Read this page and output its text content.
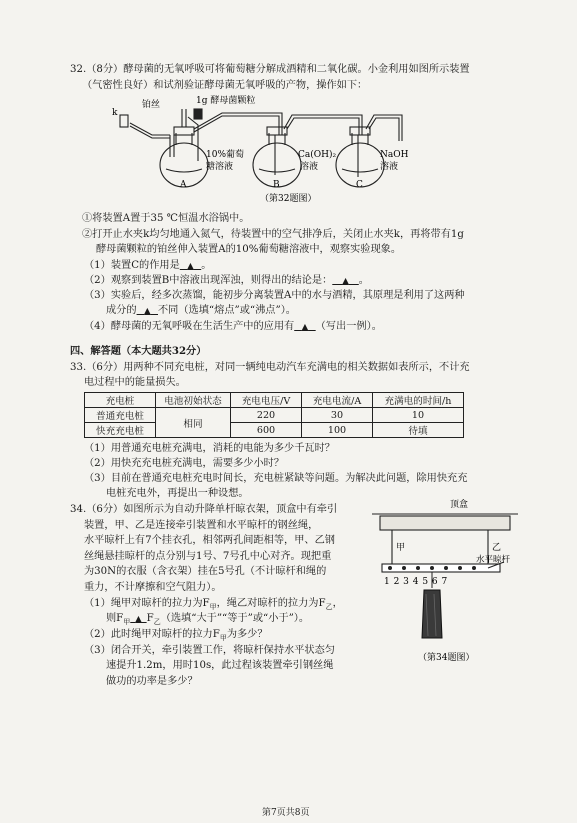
32.（8分）酵母菌的无氧呼吸可将葡萄糖分解成酒精和二氧化碳。小金利用如图所示装置
（气密性良好）和试剂验证酵母菌无氧呼吸的产物，操作如下：
k
铂丝	1g 酵母菌颗粒
10%葡萄
糖溶液
Ca(OH)₂
溶液
NaOH
溶液
A	B	C
（第32题图）
①将装置A置于35 ℃恒温水浴锅中。
②打开止水夹k均匀地通入氮气，待装置中的空气排净后，关闭止水夹k，再将带有1g
酵母菌颗粒的铂丝伸入装置A的10%葡萄糖溶液中，观察实验现象。
（1）装置C的作用是 ▲ 。
（2）观察到装置B中溶液出现浑浊，则得出的结论是： ▲ 。
（3）实验后，经多次蒸馏，能初步分离装置A中的水与酒精，其原理是利用了这两种
成分的 ▲ 不同（选填“熔点”或“沸点”）。
（4）酵母菌的无氧呼吸在生活生产中的应用有 ▲ （写出一例）。
四、解答题（本大题共32分）
33.（6分）用两种不同充电桩，对同一辆纯电动汽车充满电的相关数据如表所示，不计充
电过程中的能量损失。
充电桩	电池初始状态	充电电压/V	充电电流/A	充满电的时间/h
普通充电桩	相同	220	30	10
快充充电桩		600	100	待填
（1）用普通充电桩充满电，消耗的电能为多少千瓦时？
（2）用快充充电桩充满电，需要多少小时？
（3）目前在普通充电桩充电时间长，充电桩紧缺等问题。为解决此问题，除用快充充
电桩充电外，再提出一种设想。
34.（6分）如图所示为自动升降单杆晾衣架，顶盒中有牵引
装置，甲、乙是连接牵引装置和水平晾杆的钢丝绳，
水平晾杆上有7个挂衣孔，相邻两孔间距相等，甲、乙钢
丝绳悬挂晾杆的点分别与1号、7号孔中心对齐。现把重
为30N的衣服（含衣架）挂在5号孔（不计晾杆和绳的
重力，不计摩擦和空气阻力）。
（1）绳甲对晾杆的拉力为$F_甲$，绳乙对晾杆的拉力为$F_乙$，
则$F_甲$ ▲ $F_乙$（选填“大于”“等于”或“小于”）。
（2）此时绳甲对晾杆的拉力$F_甲$为多少？
（3）闭合开关，牵引装置工作，将晾杆保持水平状态匀
速提升1.2m，用时10s，此过程该装置牵引钢丝绳
做功的功率是多少？
顶盒
甲	乙
水平晾杆
1 2 3 4 5 6 7
（第34题图）
第7页共8页
